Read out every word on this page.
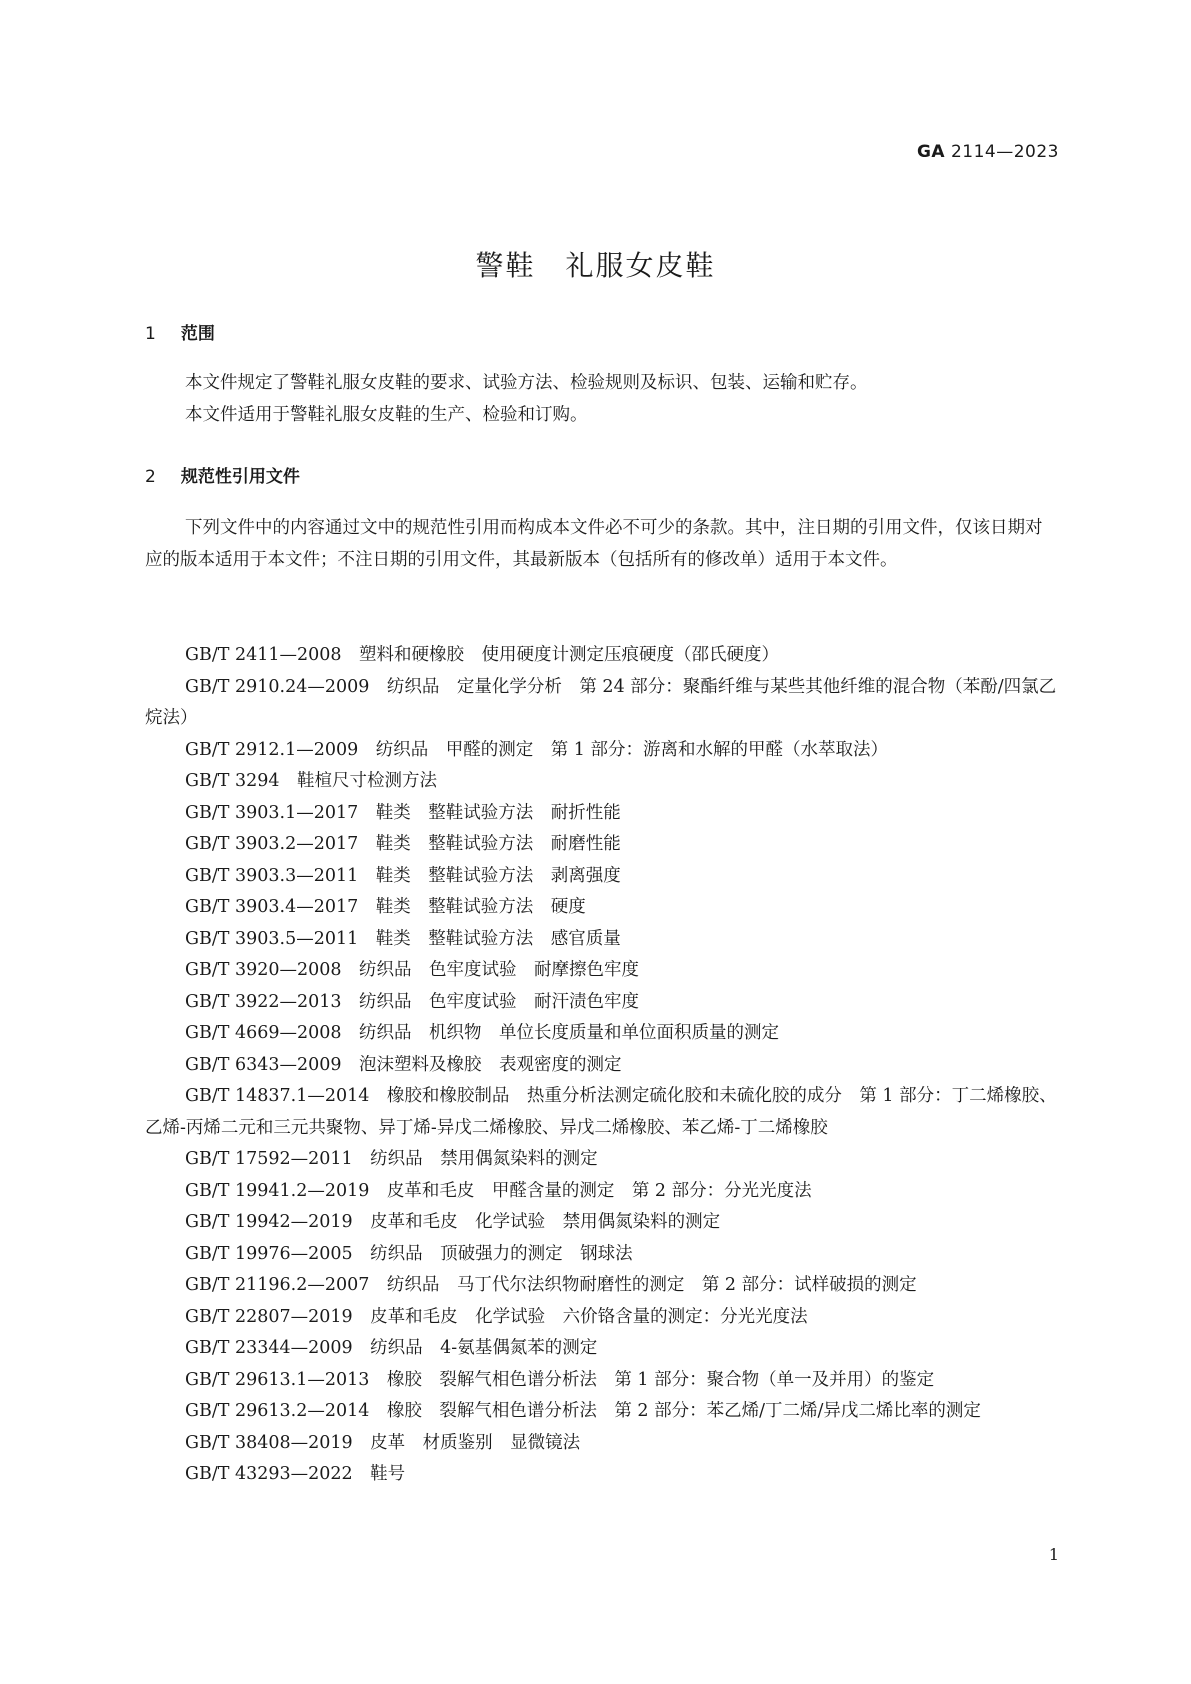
GA 2114—2023
警鞋　礼服女皮鞋
1 范围

本文件规定了警鞋礼服女皮鞋的要求、试验方法、检验规则及标识、包装、运输和贮存。

本文件适用于警鞋礼服女皮鞋的生产、检验和订购。

2 规范性引用文件

下列文件中的内容通过文中的规范性引用而构成本文件必不可少的条款。其中，注日期的引用文件，仅该日期对应的版本适用于本文件；不注日期的引用文件，其最新版本（包括所有的修改单）适用于本文件。

GB/T 2411—2008　塑料和硬橡胶　使用硬度计测定压痕硬度（邵氏硬度）
GB/T 2910.24—2009　纺织品　定量化学分析　第 24 部分：聚酯纤维与某些其他纤维的混合物（苯酚/四氯乙烷法）
GB/T 2912.1—2009　纺织品　甲醛的测定　第 1 部分：游离和水解的甲醛（水萃取法）
GB/T 3294　鞋楦尺寸检测方法
GB/T 3903.1—2017　鞋类　整鞋试验方法　耐折性能
GB/T 3903.2—2017　鞋类　整鞋试验方法　耐磨性能
GB/T 3903.3—2011　鞋类　整鞋试验方法　剥离强度
GB/T 3903.4—2017　鞋类　整鞋试验方法　硬度
GB/T 3903.5—2011　鞋类　整鞋试验方法　感官质量
GB/T 3920—2008　纺织品　色牢度试验　耐摩擦色牢度
GB/T 3922—2013　纺织品　色牢度试验　耐汗渍色牢度
GB/T 4669—2008　纺织品　机织物　单位长度质量和单位面积质量的测定
GB/T 6343—2009　泡沫塑料及橡胶　表观密度的测定
GB/T 14837.1—2014　橡胶和橡胶制品　热重分析法测定硫化胶和未硫化胶的成分　第 1 部分：丁二烯橡胶、乙烯-丙烯二元和三元共聚物、异丁烯-异戊二烯橡胶、异戊二烯橡胶、苯乙烯-丁二烯橡胶
GB/T 17592—2011　纺织品　禁用偶氮染料的测定
GB/T 19941.2—2019　皮革和毛皮　甲醛含量的测定　第 2 部分：分光光度法
GB/T 19942—2019　皮革和毛皮　化学试验　禁用偶氮染料的测定
GB/T 19976—2005　纺织品　顶破强力的测定　钢球法
GB/T 21196.2—2007　纺织品　马丁代尔法织物耐磨性的测定　第 2 部分：试样破损的测定
GB/T 22807—2019　皮革和毛皮　化学试验　六价铬含量的测定：分光光度法
GB/T 23344—2009　纺织品　4-氨基偶氮苯的测定
GB/T 29613.1—2013　橡胶　裂解气相色谱分析法　第 1 部分：聚合物（单一及并用）的鉴定
GB/T 29613.2—2014　橡胶　裂解气相色谱分析法　第 2 部分：苯乙烯/丁二烯/异戊二烯比率的测定
GB/T 38408—2019　皮革　材质鉴别　显微镜法
GB/T 43293—2022　鞋号
1
